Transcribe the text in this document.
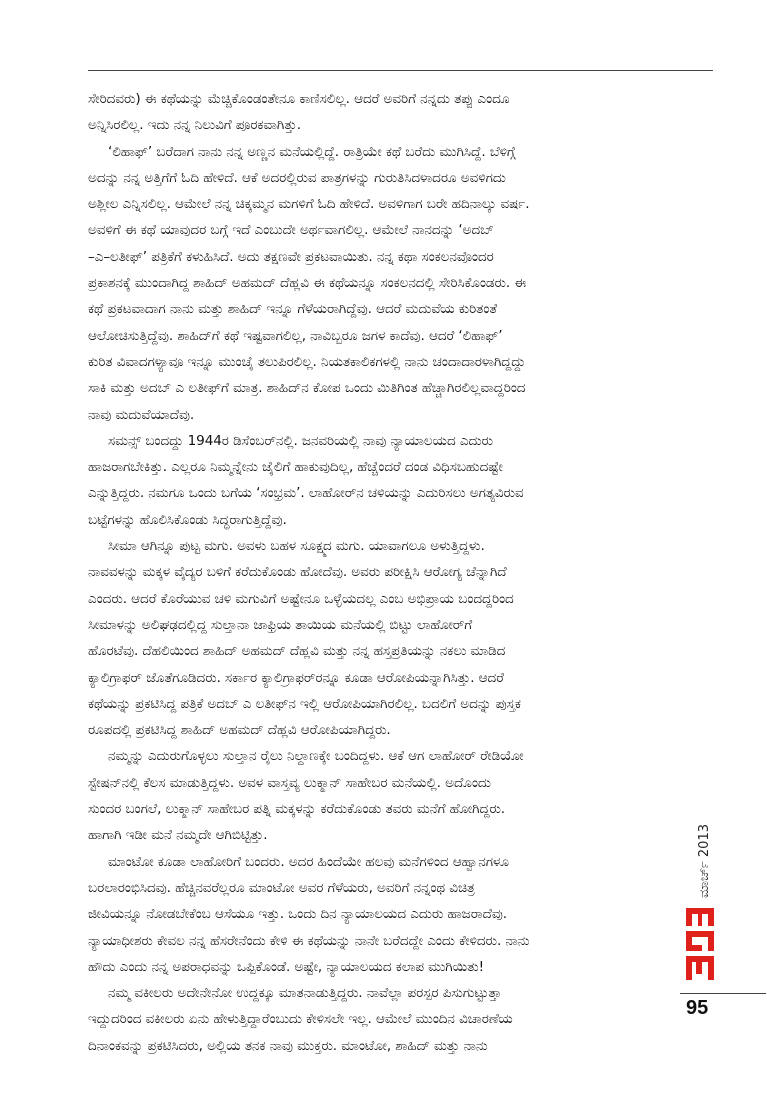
ಸೇರಿದವರು) ಈ ಕಥೆಯನ್ನು ಮೆಚ್ಚಿಕೊಂಡಂತೇನೂ ಕಾಣಿಸಲಿಲ್ಲ. ಆದರೆ ಅವರಿಗೆ ನನ್ನದು ತಪ್ಪು ಎಂದೂ
ಅನ್ನಿಸಿರಲಿಲ್ಲ. ಇದು ನನ್ನ ನಿಲುವಿಗೆ ಪೂರಕವಾಗಿತ್ತು.
‘ಲಿಹಾಫ್’ ಬರೆದಾಗ ನಾನು ನನ್ನ ಅಣ್ಣನ ಮನೆಯಲ್ಲಿದ್ದೆ. ರಾತ್ರಿಯೇ ಕಥೆ ಬರೆದು ಮುಗಿಸಿದ್ದೆ. ಬೆಳಿಗ್ಗೆ
ಅದನ್ನು ನನ್ನ ಅತ್ತಿಗೆಗೆ ಓದಿ ಹೇಳಿದೆ. ಆಕೆ ಅದರಲ್ಲಿರುವ ಪಾತ್ರಗಳನ್ನು ಗುರುತಿಸಿದಳಾದರೂ ಅವಳಿಗದು
ಅಶ್ಲೀಲ ಎನ್ನಿಸಲಿಲ್ಲ. ಆಮೇಲೆ ನನ್ನ ಚಿಕ್ಕಮ್ಮನ ಮಗಳಿಗೆ ಓದಿ ಹೇಳಿದೆ. ಅವಳಿಗಾಗ ಬರೇ ಹದಿನಾಲ್ಕು ವರ್ಷ.
ಅವಳಿಗೆ ಈ ಕಥೆ ಯಾವುದರ ಬಗ್ಗೆ ಇದೆ ಎಂಬುದೇ ಅರ್ಥವಾಗಲಿಲ್ಲ. ಆಮೇಲೆ ನಾನದನ್ನು ‘ಅದಬ್
–ಎ–ಲತೀಫ್’ ಪತ್ರಿಕೆಗೆ ಕಳುಹಿಸಿದೆ. ಅದು ತಕ್ಷಣವೇ ಪ್ರಕಟವಾಯಿತು. ನನ್ನ ಕಥಾ ಸಂಕಲನವೊಂದರ
ಪ್ರಕಾಶನಕ್ಕೆ ಮುಂದಾಗಿದ್ದ ಶಾಹಿದ್ ಅಹಮದ್ ದೆಹ್ಲವಿ ಈ ಕಥೆಯನ್ನೂ ಸಂಕಲನದಲ್ಲಿ ಸೇರಿಸಿಕೊಂಡರು. ಈ
ಕಥೆ ಪ್ರಕಟವಾದಾಗ ನಾನು ಮತ್ತು ಶಾಹಿದ್ ಇನ್ನೂ ಗೆಳೆಯರಾಗಿದ್ದೆವು. ಆದರೆ ಮದುವೆಯ ಕುರಿತಂತೆ
ಆಲೋಚಿಸುತ್ತಿದ್ದೆವು. ಶಾಹಿದ್‌ಗೆ ಕಥೆ ಇಷ್ಟವಾಗಲಿಲ್ಲ, ನಾವಿಬ್ಬರೂ ಜಗಳ ಕಾದೆವು. ಆದರೆ ‘ಲಿಹಾಫ್’
ಕುರಿತ ವಿವಾದಗಳ್ಯಾವೂ ಇನ್ನೂ ಮುಂಚೈ ತಲುಪಿರಲಿಲ್ಲ. ನಿಯತಕಾಲಿಕಗಳಲ್ಲಿ ನಾನು ಚಂದಾದಾರಳಾಗಿದ್ದದ್ದು
ಸಾಕಿ ಮತ್ತು ಅದಬ್ ಎ ಲತೀಫ್‌ಗೆ ಮಾತ್ರ. ಶಾಹಿದ್‌ನ ಕೋಪ ಒಂದು ಮಿತಿಗಿಂತ ಹೆಚ್ಚಾಗಿರಲಿಲ್ಲವಾದ್ದರಿಂದ
ನಾವು ಮದುವೆಯಾದೆವು.
ಸಮನ್ಸ್ ಬಂದದ್ದು 1944ರ ಡಿಸೆಂಬರ್‌ನಲ್ಲಿ. ಜನವರಿಯಲ್ಲಿ ನಾವು ನ್ಯಾಯಾಲಯದ ಎದುರು
ಹಾಜರಾಗಬೇಕಿತ್ತು. ಎಲ್ಲರೂ ನಿಮ್ಮನ್ನೇನು ಜೈಲಿಗೆ ಹಾಕುವುದಿಲ್ಲ, ಹೆಚ್ಚೆಂದರೆ ದಂಡ ವಿಧಿಸಬಹುದಷ್ಟೇ
ಎನ್ನುತ್ತಿದ್ದರು. ನಮಗೂ ಒಂದು ಬಗೆಯ ‘ಸಂಭ್ರಮ’. ಲಾಹೋರ್‌ನ ಚಳಿಯನ್ನು ಎದುರಿಸಲು ಅಗತ್ಯವಿರುವ
ಬಟ್ಟೆಗಳನ್ನು ಹೊಲಿಸಿಕೊಂಡು ಸಿದ್ಧರಾಗುತ್ತಿದ್ದೆವು.
ಸೀಮಾ ಆಗಿನ್ನೂ ಪುಟ್ಟ ಮಗು. ಅವಳು ಬಹಳ ಸೂಕ್ಷ್ಮದ ಮಗು. ಯಾವಾಗಲೂ ಅಳುತ್ತಿದ್ದಳು.
ನಾವವಳನ್ನು ಮಕ್ಕಳ ವೈದ್ಯರ ಬಳಿಗೆ ಕರೆದುಕೊಂಡು ಹೋದೆವು. ಅವರು ಪರೀಕ್ಷಿಸಿ ಆರೋಗ್ಯ ಚೆನ್ನಾಗಿದೆ
ಎಂದರು. ಆದರೆ ಕೊರೆಯುವ ಚಳಿ ಮಗುವಿಗೆ ಅಷ್ಟೇನೂ ಒಳ್ಳೆಯದಲ್ಲ ಎಂಬ ಅಭಿಪ್ರಾಯ ಬಂದದ್ದರಿಂದ
ಸೀಮಾಳನ್ನು ಅಲಿಘಢದಲ್ಲಿದ್ದ ಸುಲ್ತಾನಾ ಜಾಫ್ರಿಯ ತಾಯಿಯ ಮನೆಯಲ್ಲಿ ಬಿಟ್ಟು ಲಾಹೋರ್‌ಗೆ
ಹೊರಟೆವು. ದೆಹಲಿಯಿಂದ ಶಾಹಿದ್ ಅಹಮದ್ ದೆಹ್ಲವಿ ಮತ್ತು ನನ್ನ ಹಸ್ತಪ್ರತಿಯನ್ನು ನಕಲು ಮಾಡಿದ
ಕ್ಯಾಲಿಗ್ರಾಫರ್ ಜೊತೆಗೂಡಿದರು. ಸರ್ಕಾರ ಕ್ಯಾಲಿಗ್ರಾಫರ್‌ರನ್ನೂ ಕೂಡಾ ಆರೋಪಿಯನ್ನಾಗಿಸಿತ್ತು. ಆದರೆ
ಕಥೆಯನ್ನು ಪ್ರಕಟಿಸಿದ್ದ ಪತ್ರಿಕೆ ಅದಬ್ ಎ ಲತೀಫ್‌ನ ಇಲ್ಲಿ ಆರೋಪಿಯಾಗಿರಲಿಲ್ಲ. ಬದಲಿಗೆ ಅದನ್ನು ಪುಸ್ತಕ
ರೂಪದಲ್ಲಿ ಪ್ರಕಟಿಸಿದ್ದ ಶಾಹಿದ್ ಅಹಮದ್ ದೆಹ್ಲವಿ ಆರೋಪಿಯಾಗಿದ್ದರು.
ನಮ್ಮನ್ನು ಎದುರುಗೊಳ್ಳಲು ಸುಲ್ತಾನ ರೈಲು ನಿಲ್ದಾಣಕ್ಕೇ ಬಂದಿದ್ದಳು. ಆಕೆ ಆಗ ಲಾಹೋರ್ ರೇಡಿಯೋ
ಸ್ಟೇಷನ್‌ನಲ್ಲಿ ಕೆಲಸ ಮಾಡುತ್ತಿದ್ದಳು. ಅವಳ ವಾಸ್ತವ್ಯ ಲುಕ್ಮಾನ್ ಸಾಹೇಬರ ಮನೆಯಲ್ಲಿ. ಅದೊಂದು
ಸುಂದರ ಬಂಗಲೆ, ಲುಕ್ಮಾನ್ ಸಾಹೇಬರ ಪತ್ನಿ ಮಕ್ಕಳನ್ನು ಕರೆದುಕೊಂಡು ತವರು ಮನೆಗೆ ಹೋಗಿದ್ದರು.
ಹಾಗಾಗಿ ಇಡೀ ಮನೆ ನಮ್ಮದೇ ಆಗಿಬಿಟ್ಟಿತ್ತು.
ಮಾಂಟೋ ಕೂಡಾ ಲಾಹೋರಿಗೆ ಬಂದರು. ಅದರ ಹಿಂದೆಯೇ ಹಲವು ಮನೆಗಳಿಂದ ಆಹ್ವಾನಗಳೂ
ಬರಲಾರಂಭಿಸಿದವು. ಹೆಚ್ಚಿನವರೆಲ್ಲರೂ ಮಾಂಟೋ ಅವರ ಗೆಳೆಯರು, ಅವರಿಗೆ ನನ್ನಂಥ ವಿಚಿತ್ರ
ಜೀವಿಯನ್ನೂ ನೋಡಬೇಕೆಂಬ ಆಸೆಯೂ ಇತ್ತು. ಒಂದು ದಿನ ನ್ಯಾಯಾಲಯದ ಎದುರು ಹಾಜರಾದೆವು.
ನ್ಯಾಯಾಧೀಶರು ಕೇವಲ ನನ್ನ ಹೆಸರೇನೆಂದು ಕೇಳಿ ಈ ಕಥೆಯನ್ನು ನಾನೇ ಬರೆದದ್ದೇ ಎಂದು ಕೇಳಿದರು. ನಾನು
ಹೌದು ಎಂದು ನನ್ನ ಅಪರಾಧವನ್ನು ಒಪ್ಪಿಕೊಂಡೆ. ಅಷ್ಟೇ, ನ್ಯಾಯಾಲಯದ ಕಲಾಪ ಮುಗಿಯಿತು!
ನಮ್ಮ ವಕೀಲರು ಅದೇನೇನೋ ಉದ್ದಕ್ಕೂ ಮಾತನಾಡುತ್ತಿದ್ದರು. ನಾವೆಲ್ಲಾ ಪರಸ್ಪರ ಪಿಸುಗುಟ್ಟುತ್ತಾ
ಇದ್ದುದರಿಂದ ವಕೀಲರು ಏನು ಹೇಳುತ್ತಿದ್ದಾರೆಂಬುದು ಕೇಳಿಸಲೇ ಇಲ್ಲ. ಆಮೇಲೆ ಮುಂದಿನ ವಿಚಾರಣೆಯ
ದಿನಾಂಕವನ್ನು ಪ್ರಕಟಿಸಿದರು, ಅಲ್ಲಿಯ ತನಕ ನಾವು ಮುಕ್ತರು. ಮಾಂಟೋ, ಶಾಹಿದ್ ಮತ್ತು ನಾನು
ಮಾರ್ಚ್ 2013
95
